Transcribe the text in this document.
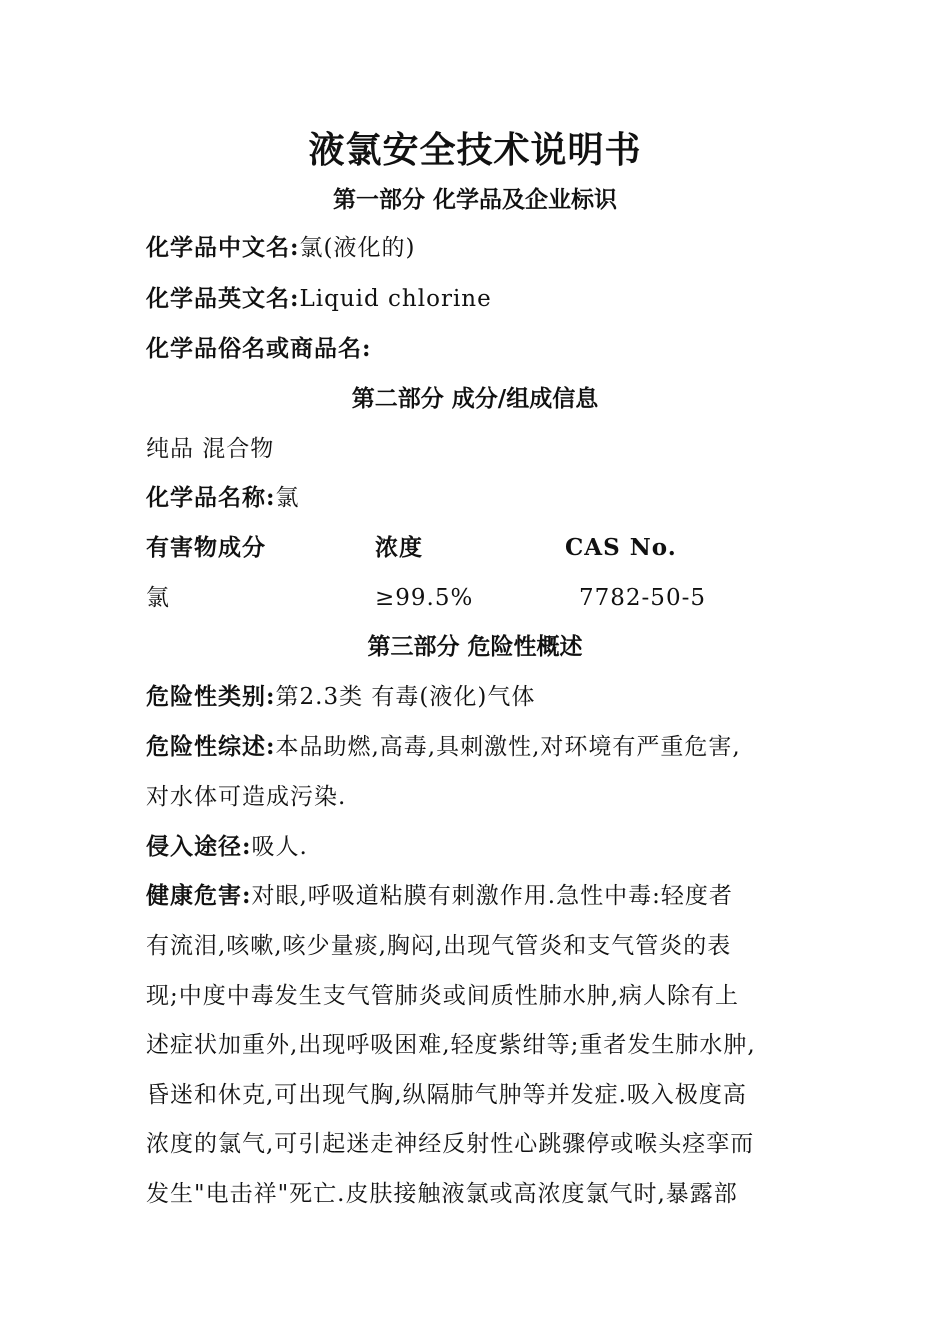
液氯安全技术说明书
第一部分 化学品及企业标识
化学品中文名:氯(液化的)
化学品英文名:Liquid chlorine
化学品俗名或商品名:
第二部分 成分/组成信息
纯品 混合物
化学品名称:氯
有害物成分	浓度	CAS No.
氯	≥99.5%	7782-50-5
第三部分 危险性概述
危险性类别:第2.3类 有毒(液化)气体
危险性综述:本品助燃,高毒,具刺激性,对环境有严重危害,
对水体可造成污染.
侵入途径:吸人.
健康危害:对眼,呼吸道粘膜有刺激作用.急性中毒:轻度者
有流泪,咳嗽,咳少量痰,胸闷,出现气管炎和支气管炎的表
现;中度中毒发生支气管肺炎或间质性肺水肿,病人除有上
述症状加重外,出现呼吸困难,轻度紫绀等;重者发生肺水肿,
昏迷和休克,可出现气胸,纵隔肺气肿等并发症.吸入极度高
浓度的氯气,可引起迷走神经反射性心跳骤停或喉头痉挛而
发生"电击祥"死亡.皮肤接触液氯或高浓度氯气时,暴露部
